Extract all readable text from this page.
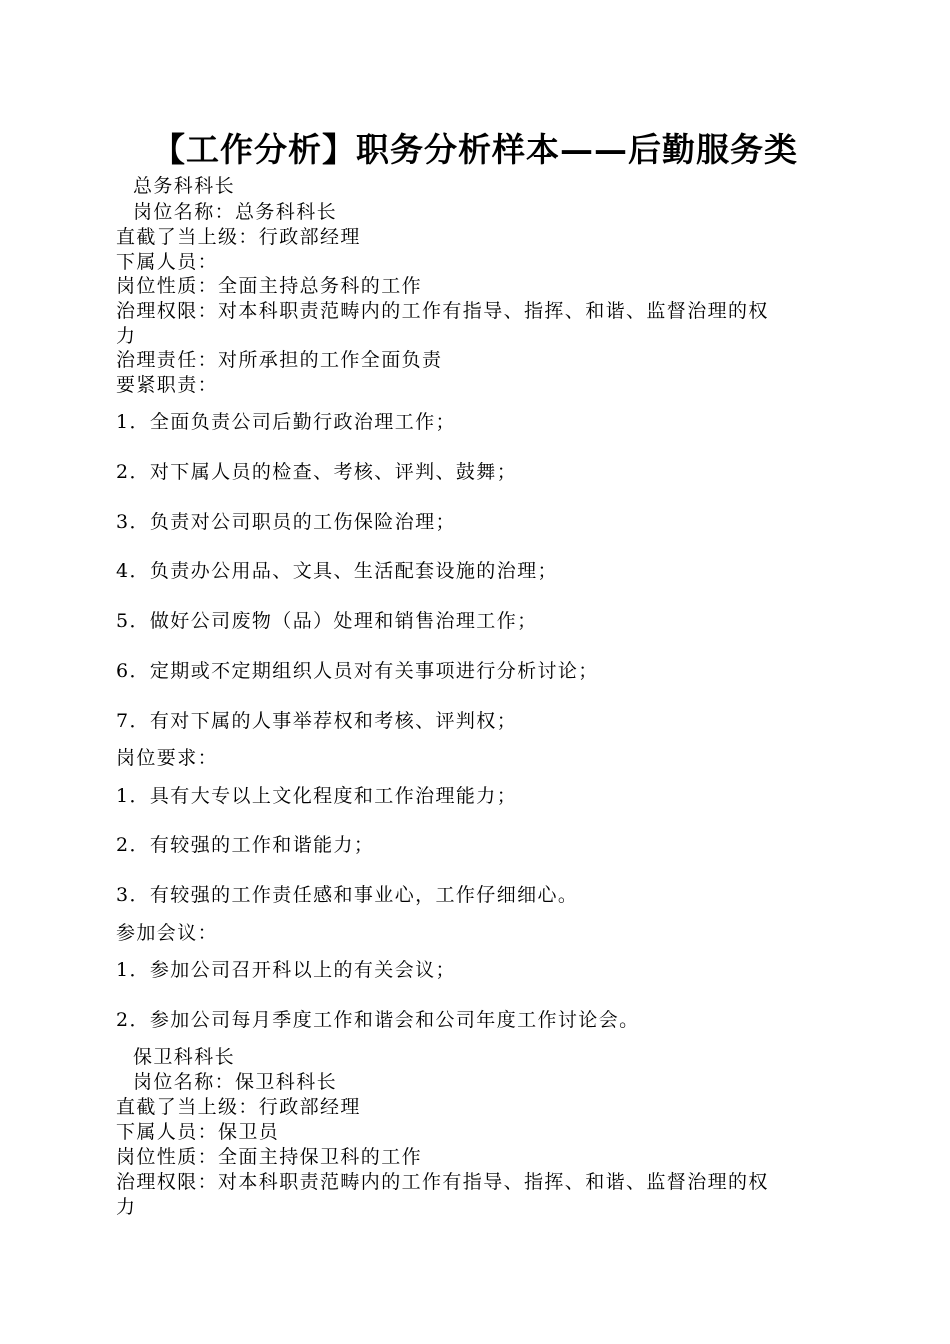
【工作分析】职务分析样本——后勤服务类
总务科科长
岗位名称：总务科科长
直截了当上级：行政部经理
下属人员：
岗位性质：全面主持总务科的工作
治理权限：对本科职责范畴内的工作有指导、指挥、和谐、监督治理的权
力
治理责任：对所承担的工作全面负责
要紧职责：
1．全面负责公司后勤行政治理工作；
2．对下属人员的检查、考核、评判、鼓舞；
3．负责对公司职员的工伤保险治理；
4．负责办公用品、文具、生活配套设施的治理；
5．做好公司废物（品）处理和销售治理工作；
6．定期或不定期组织人员对有关事项进行分析讨论；
7．有对下属的人事举荐权和考核、评判权；
岗位要求：
1．具有大专以上文化程度和工作治理能力；
2．有较强的工作和谐能力；
3．有较强的工作责任感和事业心，工作仔细细心。
参加会议：
1．参加公司召开科以上的有关会议；
2．参加公司每月季度工作和谐会和公司年度工作讨论会。
保卫科科长
岗位名称：保卫科科长
直截了当上级：行政部经理
下属人员：保卫员
岗位性质：全面主持保卫科的工作
治理权限：对本科职责范畴内的工作有指导、指挥、和谐、监督治理的权
力
